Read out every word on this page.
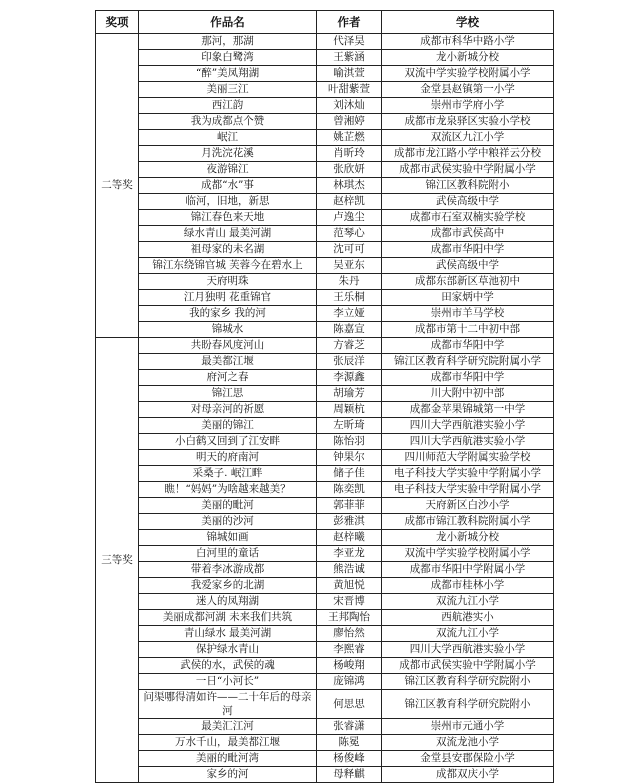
奖项	作品名	作者	学校
二等奖	那河，那湖	代泽昊	成都市科华中路小学
	印象白鹭湾	王紫涵	龙小新城分校
	“醉”美凤翔湖	喻淇萱	双流中学实验学校附属小学
	美丽三江	叶甜紫萱	金堂县赵镇第一小学
	西江韵	刘沐灿	崇州市学府小学
	我为成都点个赞	曾湘婷	成都市龙泉驿区实验小学校
	岷江	姚芷燃	双流区九江小学
	月洗浣花溪	肖昕玲	成都市龙江路小学中粮祥云分校
	夜游锦江	张欣妍	成都市武侯实验中学附属小学
	成都“水”事	林琪杰	锦江区教科院附小
	临河，旧地，新思	赵梓凯	武侯高级中学
	锦江春色来天地	卢逸尘	成都市石室双楠实验学校
	绿水青山 最美河湖	范琴心	成都市武侯高中
	祖母家的未名湖	沈可可	成都市华阳中学
	锦江东绕锦官城 芙蓉今在碧水上	吴亚东	武侯高级中学
	天府明珠	朱丹	成都东部新区草池初中
	江月独明 花重锦官	王乐桐	田家炳中学
	我的家乡 我的河	李立娅	崇州市羊马学校
	锦城水	陈嘉宣	成都市第十二中初中部
三等奖	共盼春风度河山	方睿芝	成都市华阳中学
	最美都江堰	张辰洋	锦江区教育科学研究院附属小学
	府河之春	李源鑫	成都市华阳中学
	锦江思	胡瑜芳	川大附中初中部
	对母亲河的祈愿	周颖杭	成都金苹果锦城第一中学
	美丽的锦江	左昕琦	四川大学西航港实验小学
	小白鹤又回到了江安畔	陈怡羽	四川大学西航港实验小学
	明天的府南河	钟果尔	四川师范大学附属实验学校
	采桑子. 岷江畔	储子佳	电子科技大学实验中学附属小学
	瞧！“妈妈”为啥越来越美？	陈奕凯	电子科技大学实验中学附属小学
	美丽的毗河	郭菲菲	天府新区白沙小学
	美丽的沙河	彭雅淇	成都市锦江教科院附属小学
	锦城如画	赵梓曦	龙小新城分校
	白河里的童话	李亚龙	双流中学实验学校附属小学
	带着李冰游成都	熊浩诚	成都市华阳中学附属小学
	我爱家乡的北湖	黄旭悦	成都市桂林小学
	迷人的凤翔湖	宋晋博	双流九江小学
	美丽成都河湖 未来我们共筑	王邦陶怡	西航港实小
	青山绿水 最美河湖	廖怡然	双流九江小学
	保护绿水青山	李熙睿	四川大学西航港实验小学
	武侯的水，武侯的魂	杨峻翔	成都市武侯实验中学附属小学
	一日“小河长”	庞锦鸿	锦江区教育科学研究院附小
	问渠哪得清如许——二十年后的母亲河	何思思	锦江区教育科学研究院附小
	最美汇江河	张睿潇	崇州市元通小学
	万水千山，最美都江堰	陈冕	双流龙池小学
	美丽的毗河湾	杨俊峰	金堂县安郡保险小学
	家乡的河	母释麒	成都双庆小学
